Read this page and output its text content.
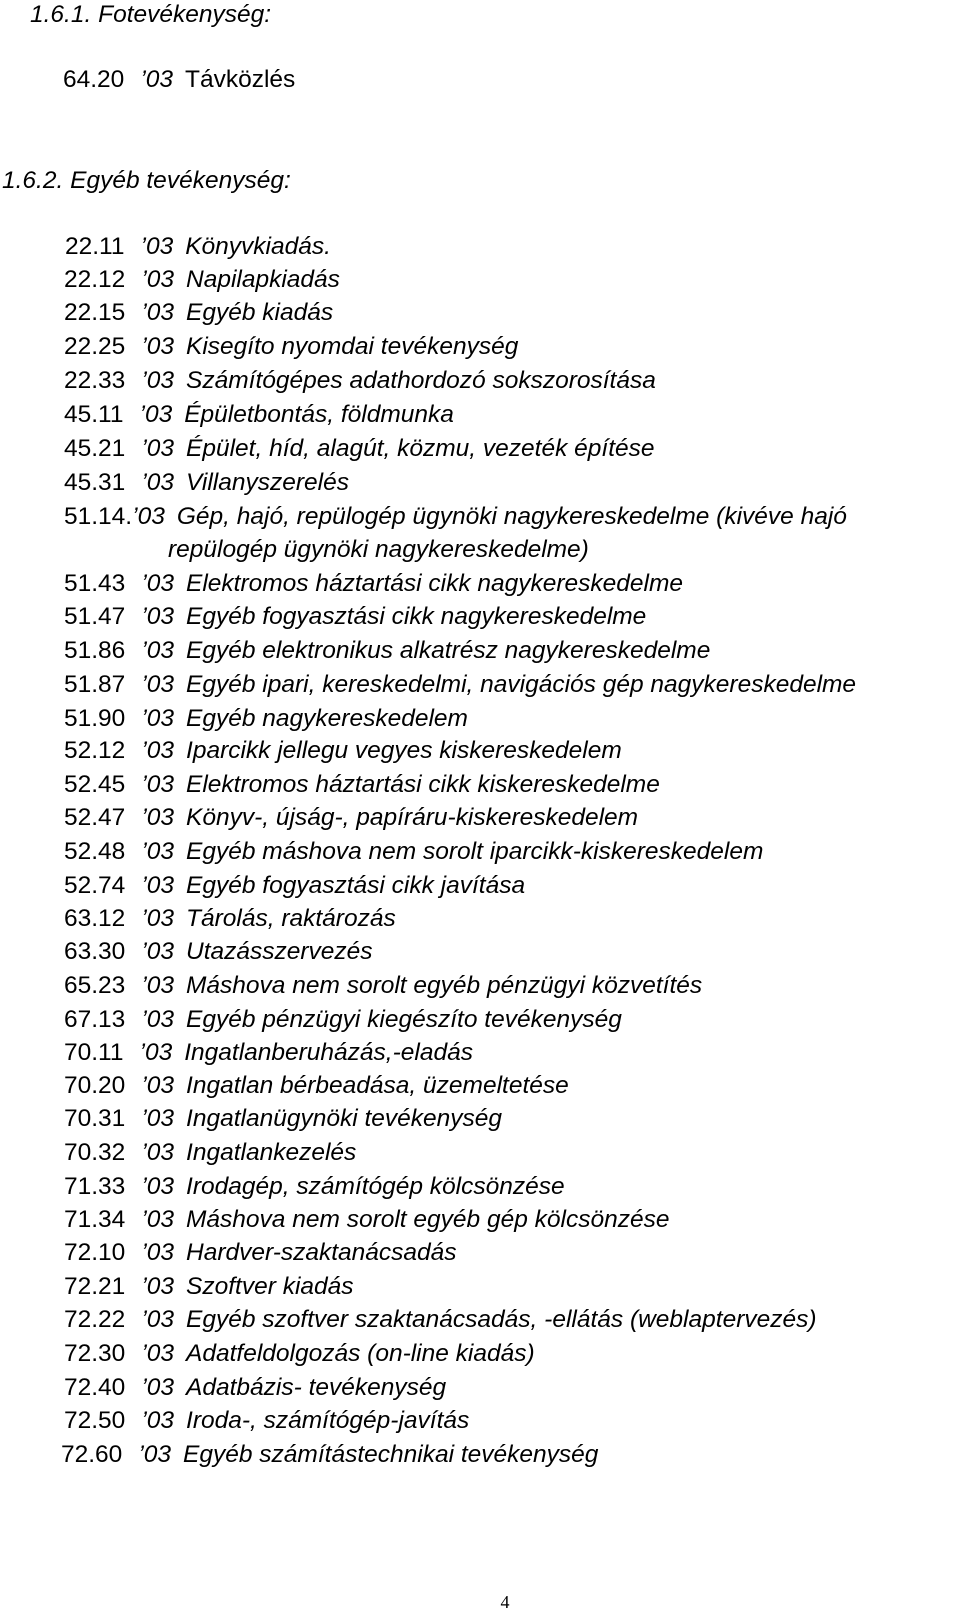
1.6.1. Fotevékenység:
64.20 ’03 Távközlés
1.6.2. Egyéb tevékenység:
22.11 ’03 Könyvkiadás.
22.12 ’03 Napilapkiadás
22.15 ’03 Egyéb kiadás
22.25 ’03 Kisegíto nyomdai tevékenység
22.33 ’03 Számítógépes adathordozó sokszorosítása
45.11 ’03 Épületbontás, földmunka
45.21 ’03 Épület, híd, alagút, közmu, vezeték építése
45.31 ’03 Villanyszerelés
51.14.’03 Gép, hajó, repülogép ügynöki nagykereskedelme (kivéve hajó
repülogép ügynöki nagykereskedelme)
51.43 ’03 Elektromos háztartási cikk nagykereskedelme
51.47 ’03 Egyéb fogyasztási cikk nagykereskedelme
51.86 ’03 Egyéb elektronikus alkatrész nagykereskedelme
51.87 ’03 Egyéb ipari, kereskedelmi, navigációs gép nagykereskedelme
51.90 ’03 Egyéb nagykereskedelem
52.12 ’03 Iparcikk jellegu vegyes kiskereskedelem
52.45 ’03 Elektromos háztartási cikk kiskereskedelme
52.47 ’03 Könyv-, újság-, papíráru-kiskereskedelem
52.48 ’03 Egyéb máshova nem sorolt iparcikk-kiskereskedelem
52.74 ’03 Egyéb fogyasztási cikk javítása
63.12 ’03 Tárolás, raktározás
63.30 ’03 Utazásszervezés
65.23 ’03 Máshova nem sorolt egyéb pénzügyi közvetítés
67.13 ’03 Egyéb pénzügyi kiegészíto tevékenység
70.11 ’03 Ingatlanberuházás,-eladás
70.20 ’03 Ingatlan bérbeadása, üzemeltetése
70.31 ’03 Ingatlanügynöki tevékenység
70.32 ’03 Ingatlankezelés
71.33 ’03 Irodagép, számítógép kölcsönzése
71.34 ’03 Máshova nem sorolt egyéb gép kölcsönzése
72.10 ’03 Hardver-szaktanácsadás
72.21 ’03 Szoftver kiadás
72.22 ’03 Egyéb szoftver szaktanácsadás, -ellátás (weblaptervezés)
72.30 ’03 Adatfeldolgozás (on-line kiadás)
72.40 ’03 Adatbázis- tevékenység
72.50 ’03 Iroda-, számítógép-javítás
72.60 ’03 Egyéb számítástechnikai tevékenység
4
